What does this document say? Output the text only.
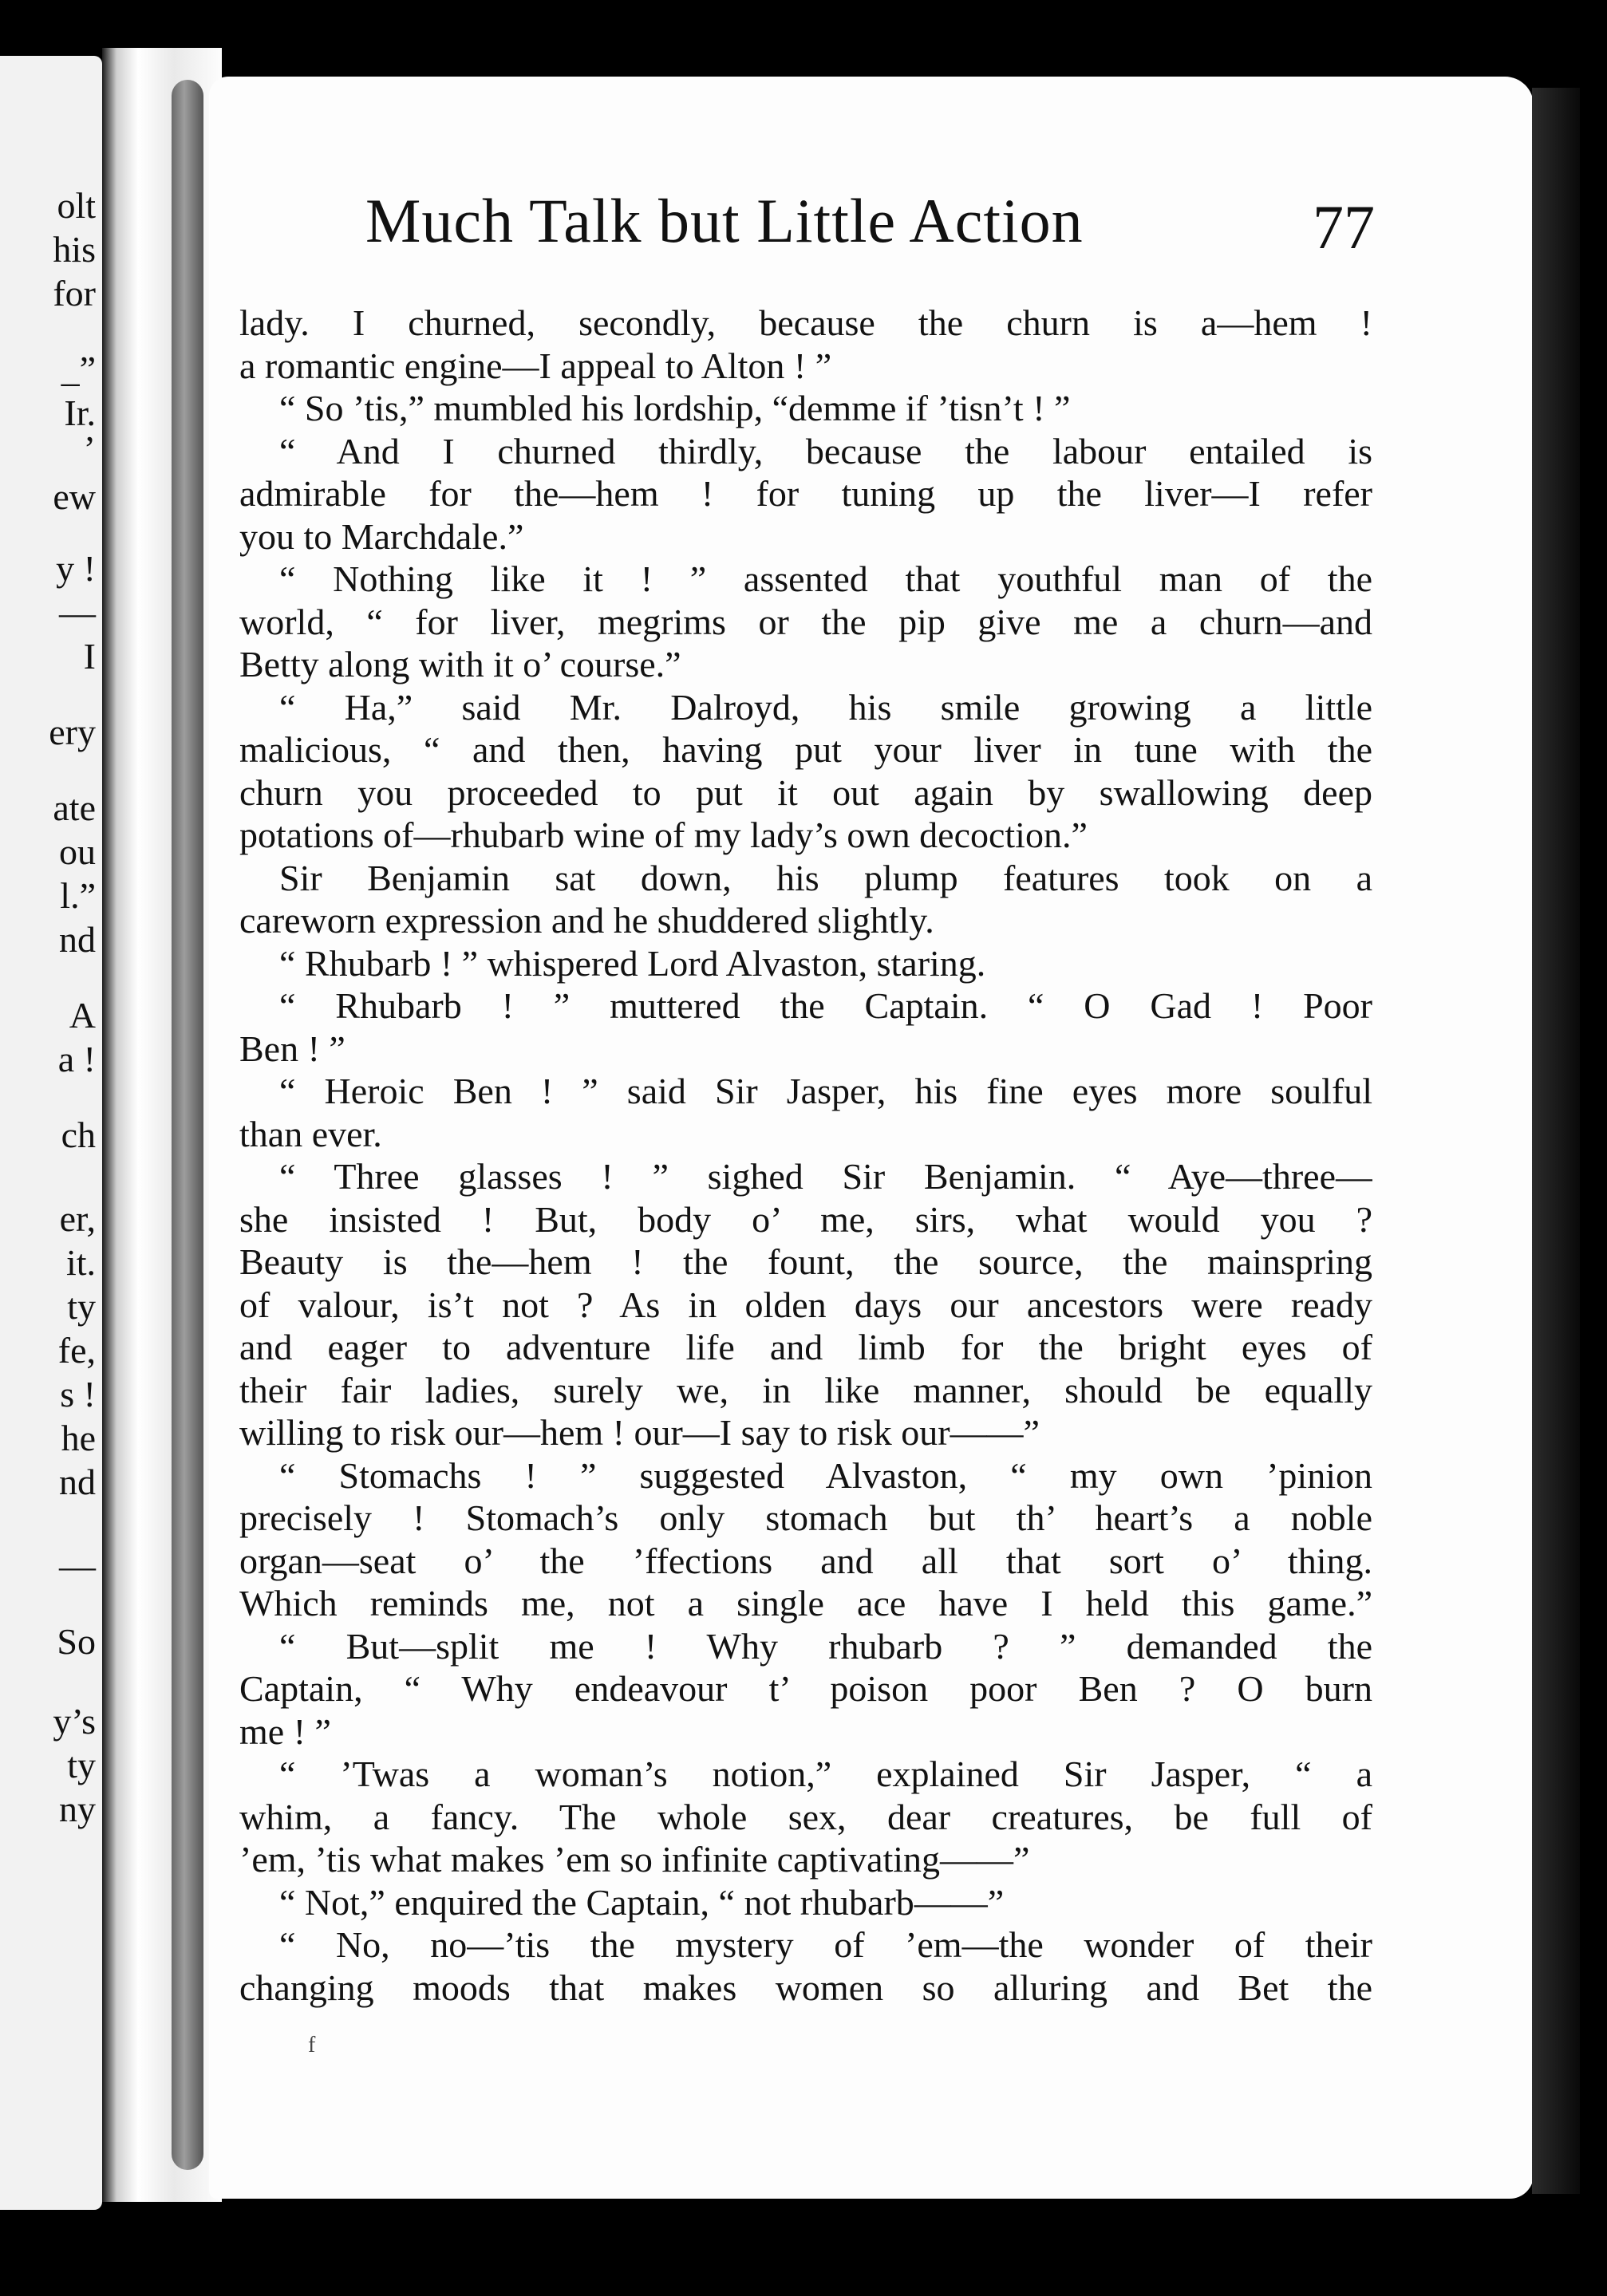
olt
his
for
_”
Ir.
’
ew
y !
—
I
ery
ate
ou
l.”
nd
A
a !
ch
er,
it.
ty
fe,
s !
he
nd
—
So
y’s
ty
ny
Much Talk but Little Action	77
lady. I churned, secondly, because the churn is a—hem !
a romantic engine—I appeal to Alton ! ”
“ So ’tis,” mumbled his lordship, “demme if ’tisn’t ! ”
“ And I churned thirdly, because the labour entailed is
admirable for the—hem ! for tuning up the liver—I refer
you to Marchdale.”
“ Nothing like it ! ” assented that youthful man of the
world, “ for liver, megrims or the pip give me a churn—and
Betty along with it o’ course.”
“ Ha,” said Mr. Dalroyd, his smile growing a little
malicious, “ and then, having put your liver in tune with the
churn you proceeded to put it out again by swallowing deep
potations of—rhubarb wine of my lady’s own decoction.”
Sir Benjamin sat down, his plump features took on a
careworn expression and he shuddered slightly.
“ Rhubarb ! ” whispered Lord Alvaston, staring.
“ Rhubarb ! ” muttered the Captain. “ O Gad ! Poor
Ben ! ”
“ Heroic Ben ! ” said Sir Jasper, his fine eyes more soulful
than ever.
“ Three glasses ! ” sighed Sir Benjamin. “ Aye—three—
she insisted ! But, body o’ me, sirs, what would you ?
Beauty is the—hem ! the fount, the source, the mainspring
of valour, is’t not ? As in olden days our ancestors were ready
and eager to adventure life and limb for the bright eyes of
their fair ladies, surely we, in like manner, should be equally
willing to risk our—hem ! our—I say to risk our——”
“ Stomachs ! ” suggested Alvaston, “ my own ’pinion
precisely ! Stomach’s only stomach but th’ heart’s a noble
organ—seat o’ the ’ffections and all that sort o’ thing.
Which reminds me, not a single ace have I held this game.”
“ But—split me ! Why rhubarb ? ” demanded the
Captain, “ Why endeavour t’ poison poor Ben ? O burn
me ! ”
“ ’Twas a woman’s notion,” explained Sir Jasper, “ a
whim, a fancy. The whole sex, dear creatures, be full of
’em, ’tis what makes ’em so infinite captivating——”
“ Not,” enquired the Captain, “ not rhubarb——”
“ No, no—’tis the mystery of ’em—the wonder of their
changing moods that makes women so alluring and Bet the
f
